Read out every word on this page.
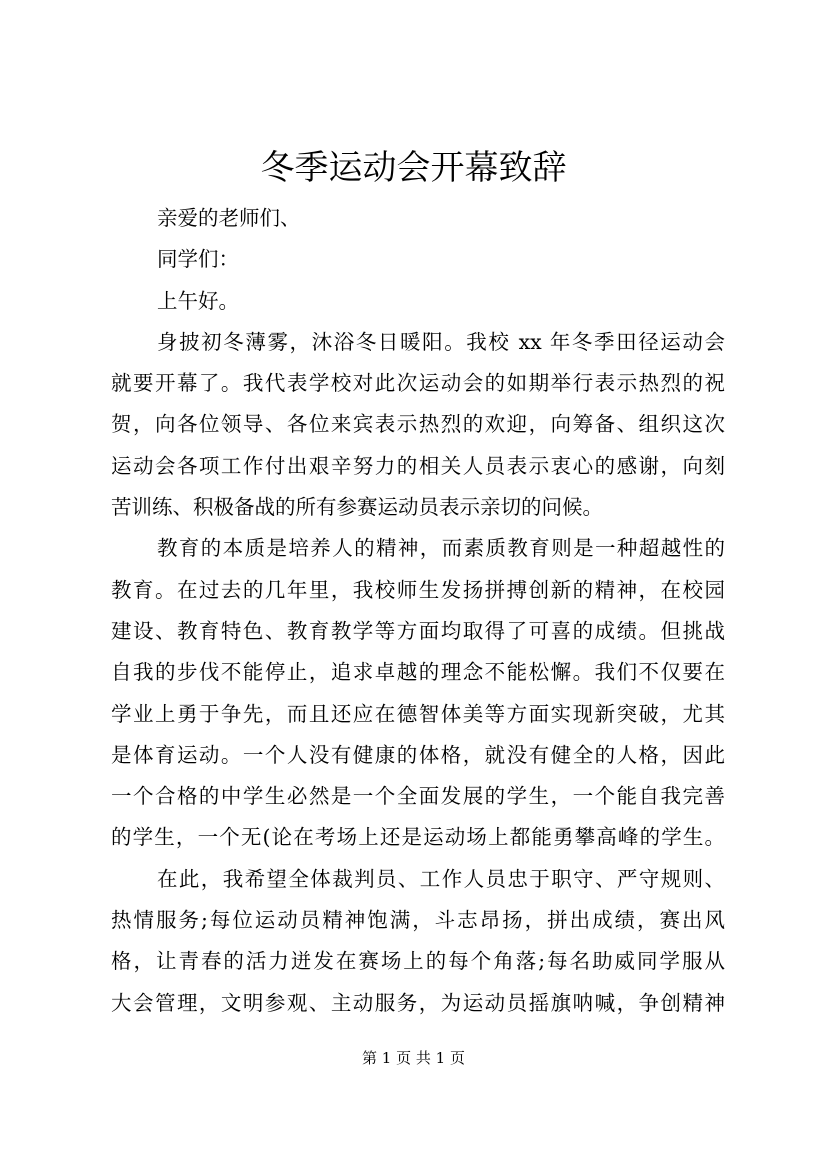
冬季运动会开幕致辞
亲爱的老师们、
同学们：
上午好。
身披初冬薄雾，沐浴冬日暖阳。我校 xx 年冬季田径运动会
就要开幕了。我代表学校对此次运动会的如期举行表示热烈的祝
贺，向各位领导、各位来宾表示热烈的欢迎，向筹备、组织这次
运动会各项工作付出艰辛努力的相关人员表示衷心的感谢，向刻
苦训练、积极备战的所有参赛运动员表示亲切的问候。
教育的本质是培养人的精神，而素质教育则是一种超越性的
教育。在过去的几年里，我校师生发扬拼搏创新的精神，在校园
建设、教育特色、教育教学等方面均取得了可喜的成绩。但挑战
自我的步伐不能停止，追求卓越的理念不能松懈。我们不仅要在
学业上勇于争先，而且还应在德智体美等方面实现新突破，尤其
是体育运动。一个人没有健康的体格，就没有健全的人格，因此
一个合格的中学生必然是一个全面发展的学生，一个能自我完善
的学生，一个无(论在考场上还是运动场上都能勇攀高峰的学生。
在此，我希望全体裁判员、工作人员忠于职守、严守规则、
热情服务;每位运动员精神饱满，斗志昂扬，拼出成绩，赛出风
格，让青春的活力迸发在赛场上的每个角落;每名助威同学服从
大会管理，文明参观、主动服务，为运动员摇旗呐喊，争创精神
第 1 页 共 1 页
